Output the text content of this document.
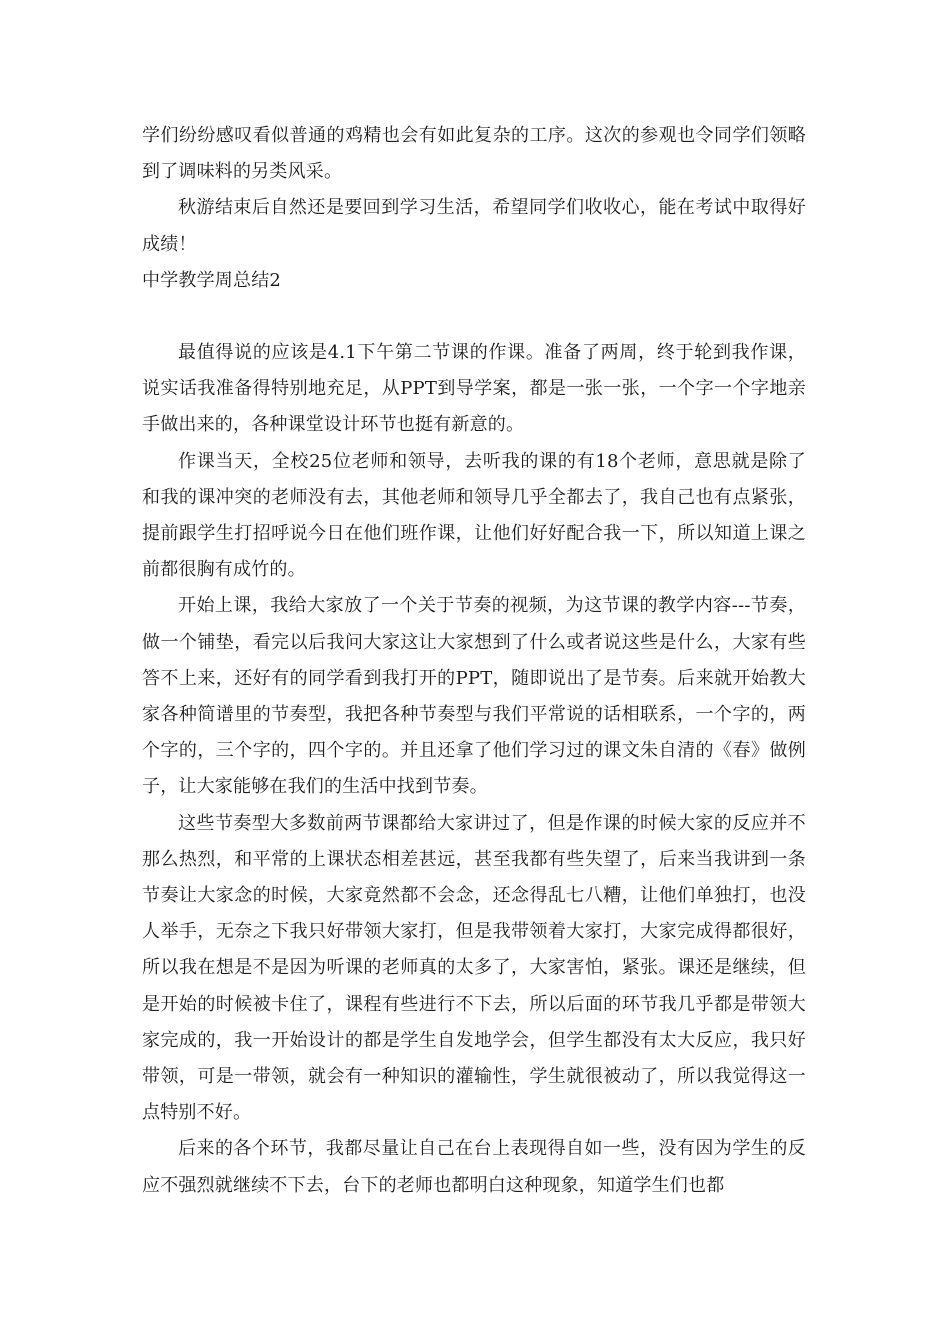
学们纷纷感叹看似普通的鸡精也会有如此复杂的工序。这次的参观也令同学们领略到了调味料的另类风采。

秋游结束后自然还是要回到学习生活，希望同学们收收心，能在考试中取得好成绩！

中学教学周总结2

最值得说的应该是4.1下午第二节课的作课。准备了两周，终于轮到我作课，说实话我准备得特别地充足，从PPT到导学案，都是一张一张，一个字一个字地亲手做出来的，各种课堂设计环节也挺有新意的。

作课当天，全校25位老师和领导，去听我的课的有18个老师，意思就是除了和我的课冲突的老师没有去，其他老师和领导几乎全都去了，我自己也有点紧张，提前跟学生打招呼说今日在他们班作课，让他们好好配合我一下，所以知道上课之前都很胸有成竹的。

开始上课，我给大家放了一个关于节奏的视频，为这节课的教学内容---节奏，做一个铺垫，看完以后我问大家这让大家想到了什么或者说这些是什么，大家有些答不上来，还好有的同学看到我打开的PPT，随即说出了是节奏。后来就开始教大家各种简谱里的节奏型，我把各种节奏型与我们平常说的话相联系，一个字的，两个字的，三个字的，四个字的。并且还拿了他们学习过的课文朱自清的《春》做例子，让大家能够在我们的生活中找到节奏。

这些节奏型大多数前两节课都给大家讲过了，但是作课的时候大家的反应并不那么热烈，和平常的上课状态相差甚远，甚至我都有些失望了，后来当我讲到一条节奏让大家念的时候，大家竟然都不会念，还念得乱七八糟，让他们单独打，也没人举手，无奈之下我只好带领大家打，但是我带领着大家打，大家完成得都很好，所以我在想是不是因为听课的老师真的太多了，大家害怕，紧张。课还是继续，但是开始的时候被卡住了，课程有些进行不下去，所以后面的环节我几乎都是带领大家完成的，我一开始设计的都是学生自发地学会，但学生都没有太大反应，我只好带领，可是一带领，就会有一种知识的灌输性，学生就很被动了，所以我觉得这一点特别不好。

后来的各个环节，我都尽量让自己在台上表现得自如一些，没有因为学生的反应不强烈就继续不下去，台下的老师也都明白这种现象，知道学生们也都
